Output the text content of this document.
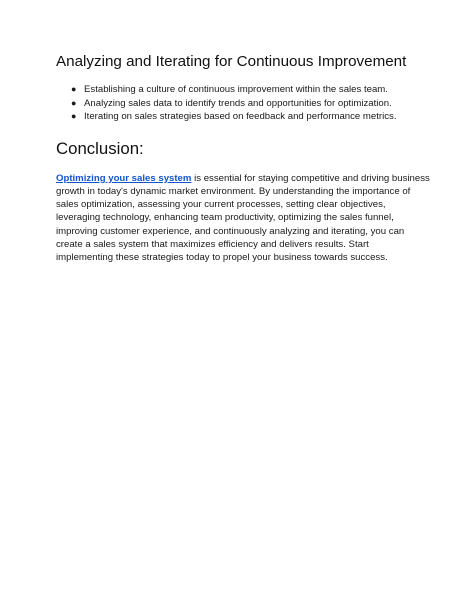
Analyzing and Iterating for Continuous Improvement
● Establishing a culture of continuous improvement within the sales team.
● Analyzing sales data to identify trends and opportunities for optimization.
● Iterating on sales strategies based on feedback and performance metrics.
Conclusion:

Optimizing your sales system is essential for staying competitive and driving business
growth in today's dynamic market environment. By understanding the importance of
sales optimization, assessing your current processes, setting clear objectives,
leveraging technology, enhancing team productivity, optimizing the sales funnel,
improving customer experience, and continuously analyzing and iterating, you can
create a sales system that maximizes efficiency and delivers results. Start
implementing these strategies today to propel your business towards success.
